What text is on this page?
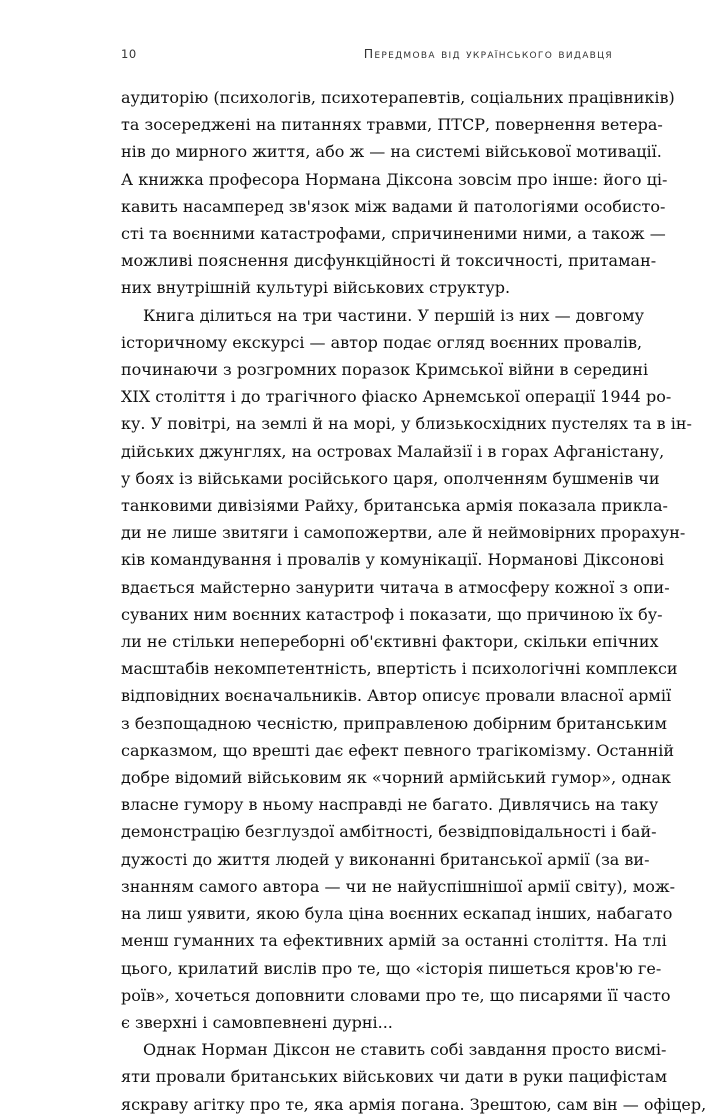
10	Передмова від українського видавця
аудиторію (психологів, психотерапевтів, соціальних працівників)
та зосереджені на питаннях травми, ПТСР, повернення ветера-
нів до мирного життя, або ж — на системі військової мотивації.
А книжка професора Нормана Діксона зовсім про інше: його ці-
кавить насамперед зв'язок між вадами й патологіями особисто-
сті та воєнними катастрофами, спричиненими ними, а також —
можливі пояснення дисфункційності й токсичності, притаман-
них внутрішній культурі військових структур.
Книга ділиться на три частини. У першій із них — довгому
історичному екскурсі — автор подає огляд воєнних провалів,
починаючи з розгромних поразок Кримської війни в середині
XIX століття і до трагічного фіаско Арнемської операції 1944 ро-
ку. У повітрі, на землі й на морі, у близькосхідних пустелях та в ін-
дійських джунглях, на островах Малайзії і в горах Афганістану,
у боях із військами російського царя, ополченням бушменів чи
танковими дивізіями Райху, британська армія показала прикла-
ди не лише звитяги і самопожертви, але й неймовірних прорахун-
ків командування і провалів у комунікації. Нормановi Діксонові
вдається майстерно занурити читача в атмосферу кожної з опи-
суваних ним воєнних катастроф і показати, що причиною їх бу-
ли не стільки непереборні об'єктивні фактори, скільки епічних
масштабів некомпетентність, впертість і психологічні комплекси
відповідних воєначальників. Автор описує провали власної армії
з безпощадною чесністю, приправленою добірним британським
сарказмом, що врешті дає ефект певного трагікомізму. Останній
добре відомий військовим як «чорний армійський гумор», однак
власне гумору в ньому насправді не багато. Дивлячись на таку
демонстрацію безглуздої амбітності, безвідповідальності і бай-
дужості до життя людей у виконанні британської армії (за ви-
знанням самого автора — чи не найуспішнішої армії світу), мож-
на лиш уявити, якою була ціна воєнних ескапад інших, набагато
менш гуманних та ефективних армій за останні століття. На тлі
цього, крилатий вислів про те, що «історія пишеться кров'ю ге-
роїв», хочеться доповнити словами про те, що писарями її часто
є зверхні і самовпевнені дурні...
Однак Норман Діксон не ставить собі завдання просто висмі-
яти провали британських військових чи дати в руки пацифістам
яскраву агітку про те, яка армія погана. Зрештою, сам він — офіцер,
